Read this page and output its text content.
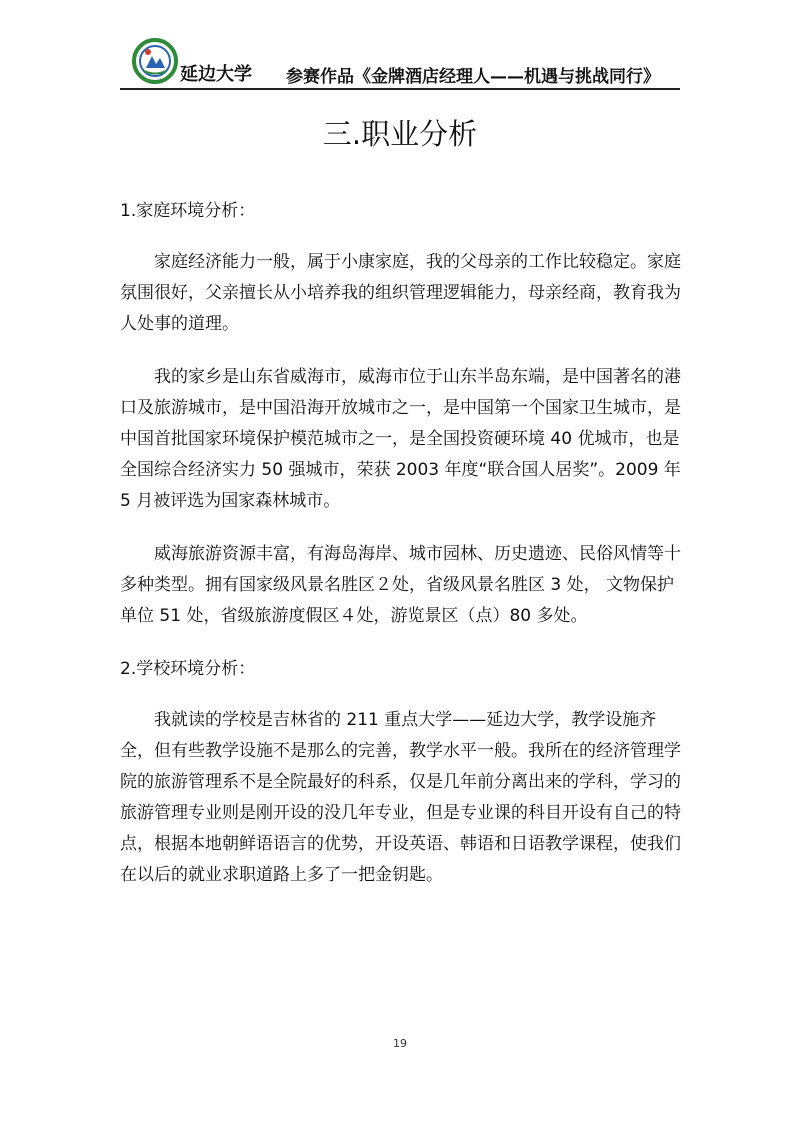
延边大学 参赛作品《金牌酒店经理人——机遇与挑战同行》
三.职业分析
1.家庭环境分析：

家庭经济能力一般，属于小康家庭，我的父母亲的工作比较稳定。家庭氛围很好，父亲擅长从小培养我的组织管理逻辑能力，母亲经商，教育我为人处事的道理。

我的家乡是山东省威海市，威海市位于山东半岛东端，是中国著名的港口及旅游城市，是中国沿海开放城市之一，是中国第一个国家卫生城市，是中国首批国家环境保护模范城市之一，是全国投资硬环境 40 优城市，也是全国综合经济实力 50 强城市，荣获 2003 年度“联合国人居奖”。2009 年 5 月被评选为国家森林城市。

威海旅游资源丰富，有海岛海岸、城市园林、历史遗迹、民俗风情等十多种类型。拥有国家级风景名胜区２处，省级风景名胜区 3 处， 文物保护单位 51 处，省级旅游度假区４处，游览景区（点）80 多处。

2.学校环境分析：

我就读的学校是吉林省的 211 重点大学——延边大学，教学设施齐全，但有些教学设施不是那么的完善，教学水平一般。我所在的经济管理学院的旅游管理系不是全院最好的科系，仅是几年前分离出来的学科，学习的旅游管理专业则是刚开设的没几年专业，但是专业课的科目开设有自己的特点，根据本地朝鲜语语言的优势，开设英语、韩语和日语教学课程，使我们在以后的就业求职道路上多了一把金钥匙。

19
